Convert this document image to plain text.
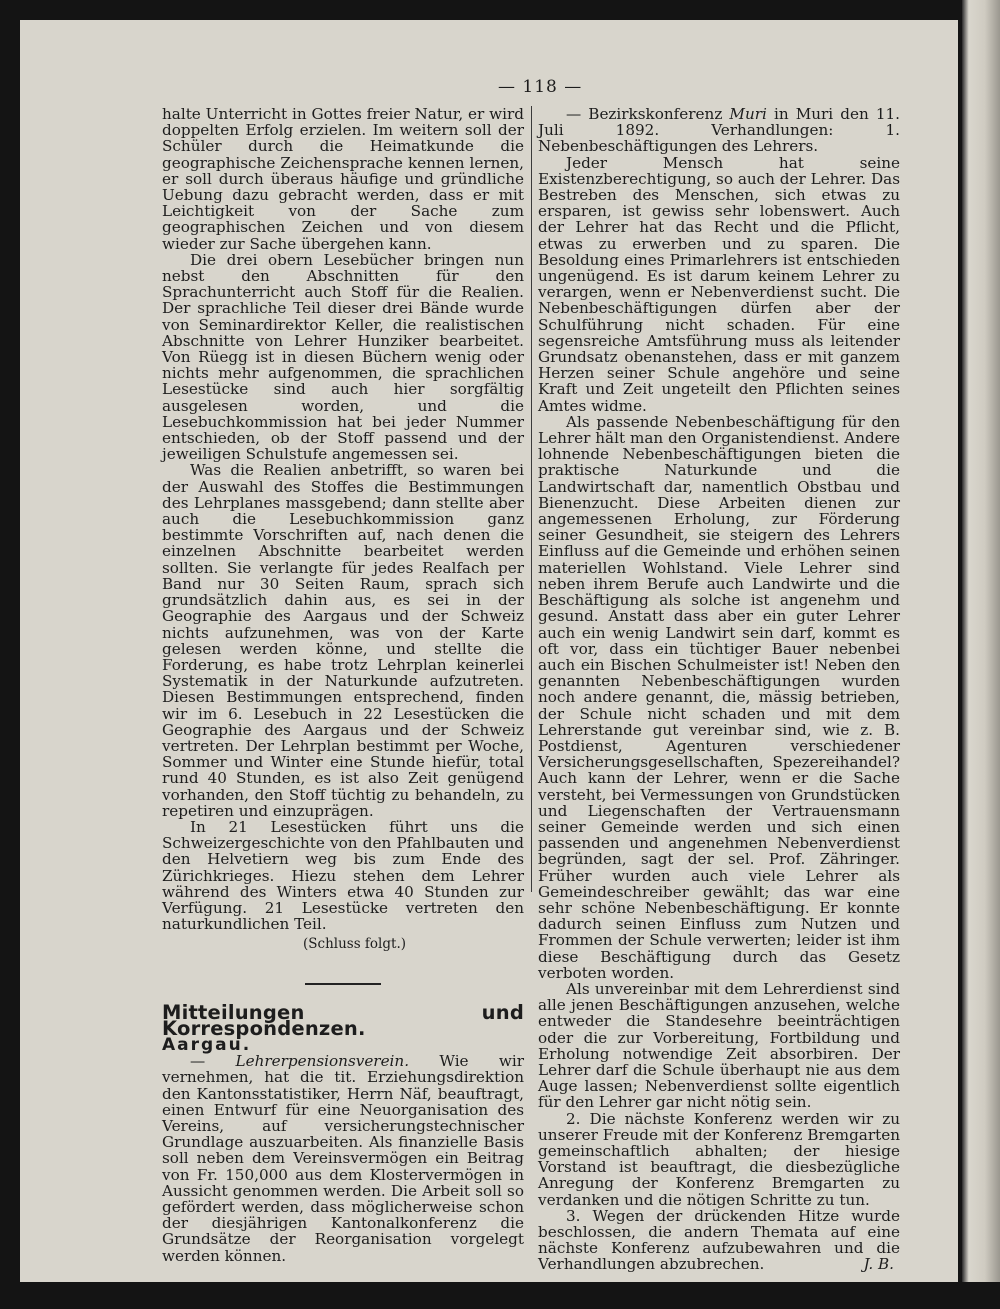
— 118 —

halte Unterricht in Gottes freier Natur, er wird doppelten Erfolg erzielen. Im weitern soll der Schüler durch die Heimatkunde die geographische Zeichensprache kennen lernen, er soll durch überaus häufige und gründliche Uebung dazu gebracht werden, dass er mit Leichtigkeit von der Sache zum geographischen Zeichen und von diesem wieder zur Sache übergehen kann.

Die drei obern Lesebücher bringen nun nebst den Abschnitten für den Sprachunterricht auch Stoff für die Realien. Der sprachliche Teil dieser drei Bände wurde von Seminardirektor Keller, die realistischen Abschnitte von Lehrer Hunziker bearbeitet. Von Rüegg ist in diesen Büchern wenig oder nichts mehr aufgenommen, die sprachlichen Lesestücke sind auch hier sorgfältig ausgelesen worden, und die Lesebuchkommission hat bei jeder Nummer entschieden, ob der Stoff passend und der jeweiligen Schulstufe angemessen sei.

Was die Realien anbetrifft, so waren bei der Auswahl des Stoffes die Bestimmungen des Lehrplanes massgebend; dann stellte aber auch die Lesebuchkommission ganz bestimmte Vorschriften auf, nach denen die einzelnen Abschnitte bearbeitet werden sollten. Sie verlangte für jedes Realfach per Band nur 30 Seiten Raum, sprach sich grundsätzlich dahin aus, es sei in der Geographie des Aargaus und der Schweiz nichts aufzunehmen, was von der Karte gelesen werden könne, und stellte die Forderung, es habe trotz Lehrplan keinerlei Systematik in der Naturkunde aufzutreten. Diesen Bestimmungen entsprechend, finden wir im 6. Lesebuch in 22 Lesestücken die Geographie des Aargaus und der Schweiz vertreten. Der Lehrplan bestimmt per Woche, Sommer und Winter eine Stunde hiefür, total rund 40 Stunden, es ist also Zeit genügend vorhanden, den Stoff tüchtig zu behandeln, zu repetiren und einzuprägen.

In 21 Lesestücken führt uns die Schweizergeschichte von den Pfahlbauten und den Helvetiern weg bis zum Ende des Zürichkrieges. Hiezu stehen dem Lehrer während des Winters etwa 40 Stunden zur Verfügung. 21 Lesestücke vertreten den naturkundlichen Teil.

(Schluss folgt.)

Mitteilungen und Korrespondenzen.

Aargau.

— Lehrerpensionsverein. Wie wir vernehmen, hat die tit. Erziehungsdirektion den Kantonsstatistiker, Herrn Näf, beauftragt, einen Entwurf für eine Neuorganisation des Vereins, auf versicherungstechnischer Grundlage auszuarbeiten. Als finanzielle Basis soll neben dem Vereinsvermögen ein Beitrag von Fr. 150,000 aus dem Klostervermögen in Aussicht genommen werden. Die Arbeit soll so gefördert werden, dass möglicherweise schon der diesjährigen Kantonalkonferenz die Grundsätze der Reorganisation vorgelegt werden können.

— Bezirkskonferenz Muri in Muri den 11. Juli 1892. Verhandlungen: 1. Nebenbeschäftigungen des Lehrers.

Jeder Mensch hat seine Existenzberechtigung, so auch der Lehrer. Das Bestreben des Menschen, sich etwas zu ersparen, ist gewiss sehr lobenswert. Auch der Lehrer hat das Recht und die Pflicht, etwas zu erwerben und zu sparen. Die Besoldung eines Primarlehrers ist entschieden ungenügend. Es ist darum keinem Lehrer zu verargen, wenn er Nebenverdienst sucht. Die Nebenbeschäftigungen dürfen aber der Schulführung nicht schaden. Für eine segensreiche Amtsführung muss als leitender Grundsatz obenanstehen, dass er mit ganzem Herzen seiner Schule angehöre und seine Kraft und Zeit ungeteilt den Pflichten seines Amtes widme.

Als passende Nebenbeschäftigung für den Lehrer hält man den Organistendienst. Andere lohnende Nebenbeschäftigungen bieten die praktische Naturkunde und die Landwirtschaft dar, namentlich Obstbau und Bienenzucht. Diese Arbeiten dienen zur angemessenen Erholung, zur Förderung seiner Gesundheit, sie steigern des Lehrers Einfluss auf die Gemeinde und erhöhen seinen materiellen Wohlstand. Viele Lehrer sind neben ihrem Berufe auch Landwirte und die Beschäftigung als solche ist angenehm und gesund. Anstatt dass aber ein guter Lehrer auch ein wenig Landwirt sein darf, kommt es oft vor, dass ein tüchtiger Bauer nebenbei auch ein Bischen Schulmeister ist! Neben den genannten Nebenbeschäftigungen wurden noch andere genannt, die, mässig betrieben, der Schule nicht schaden und mit dem Lehrerstande gut vereinbar sind, wie z. B. Postdienst, Agenturen verschiedener Versicherungsgesellschaften, Spezereihandel? Auch kann der Lehrer, wenn er die Sache versteht, bei Vermessungen von Grundstücken und Liegenschaften der Vertrauensmann seiner Gemeinde werden und sich einen passenden und angenehmen Nebenverdienst begründen, sagt der sel. Prof. Zähringer. Früher wurden auch viele Lehrer als Gemeindeschreiber gewählt; das war eine sehr schöne Nebenbeschäftigung. Er konnte dadurch seinen Einfluss zum Nutzen und Frommen der Schule verwerten; leider ist ihm diese Beschäftigung durch das Gesetz verboten worden.

Als unvereinbar mit dem Lehrerdienst sind alle jenen Beschäftigungen anzusehen, welche entweder die Standesehre beeinträchtigen oder die zur Vorbereitung, Fortbildung und Erholung notwendige Zeit absorbiren. Der Lehrer darf die Schule überhaupt nie aus dem Auge lassen; Nebenverdienst sollte eigentlich für den Lehrer gar nicht nötig sein.

2. Die nächste Konferenz werden wir zu unserer Freude mit der Konferenz Bremgarten gemeinschaftlich abhalten; der hiesige Vorstand ist beauftragt, die diesbezügliche Anregung der Konferenz Bremgarten zu verdanken und die nötigen Schritte zu tun.

3. Wegen der drückenden Hitze wurde beschlossen, die andern Themata auf eine nächste Konferenz aufzubewahren und die Verhandlungen abzubrechen.	J. B.
